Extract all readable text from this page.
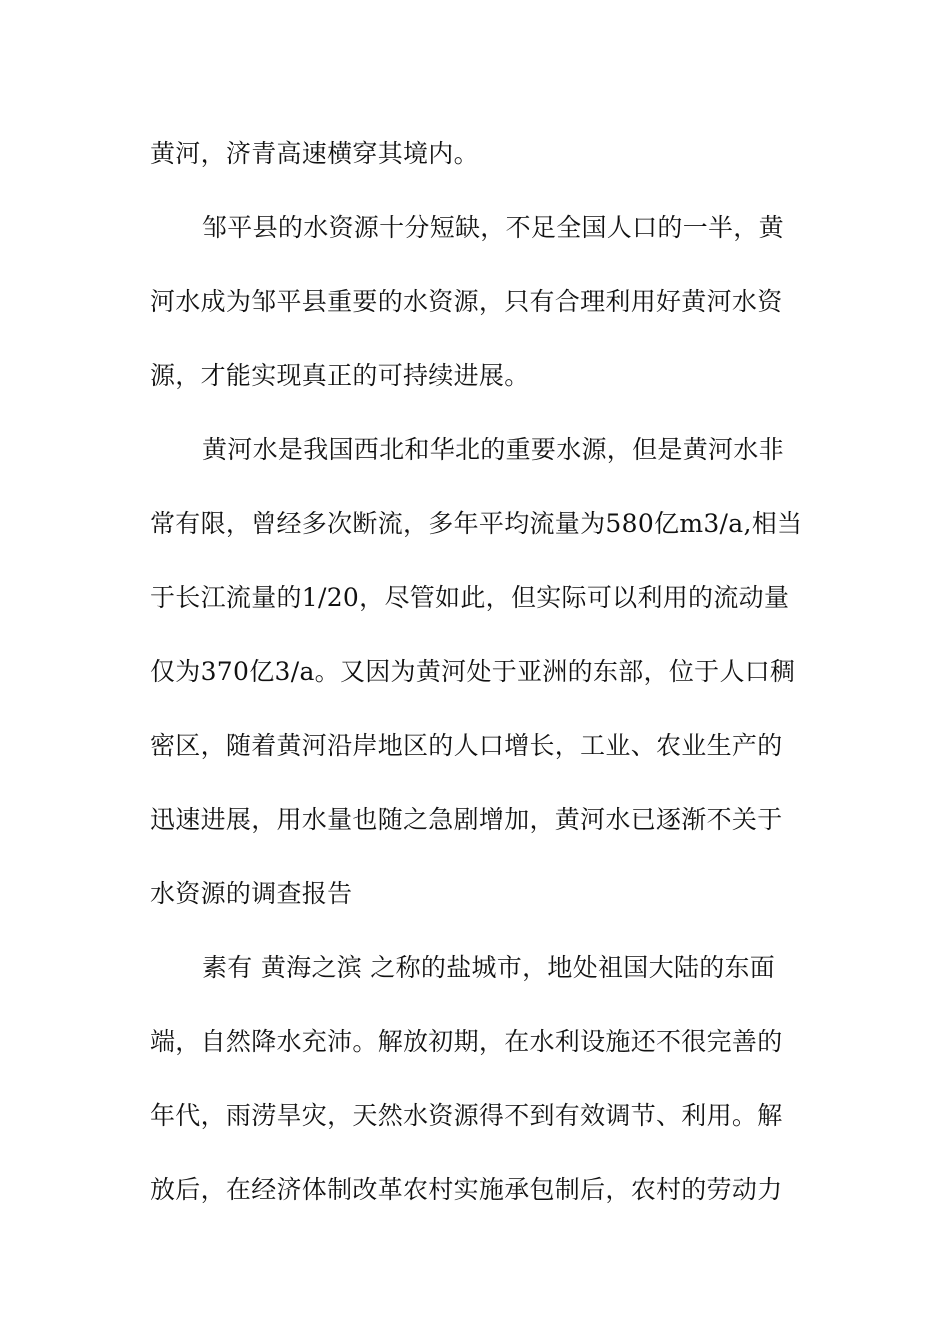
黄河，济青高速横穿其境内。
邹平县的水资源十分短缺，不足全国人口的一半，黄
河水成为邹平县重要的水资源，只有合理利用好黄河水资
源，才能实现真正的可持续进展。
黄河水是我国西北和华北的重要水源，但是黄河水非
常有限，曾经多次断流，多年平均流量为580亿m3/a,相当
于长江流量的1/20，尽管如此，但实际可以利用的流动量
仅为370亿3/a。又因为黄河处于亚洲的东部，位于人口稠
密区，随着黄河沿岸地区的人口增长，工业、农业生产的
迅速进展，用水量也随之急剧增加，黄河水已逐渐不关于
水资源的调查报告
素有 黄海之滨 之称的盐城市，地处祖国大陆的东面
端，自然降水充沛。解放初期，在水利设施还不很完善的
年代，雨涝旱灾，天然水资源得不到有效调节、利用。解
放后，在经济体制改革农村实施承包制后，农村的劳动力
